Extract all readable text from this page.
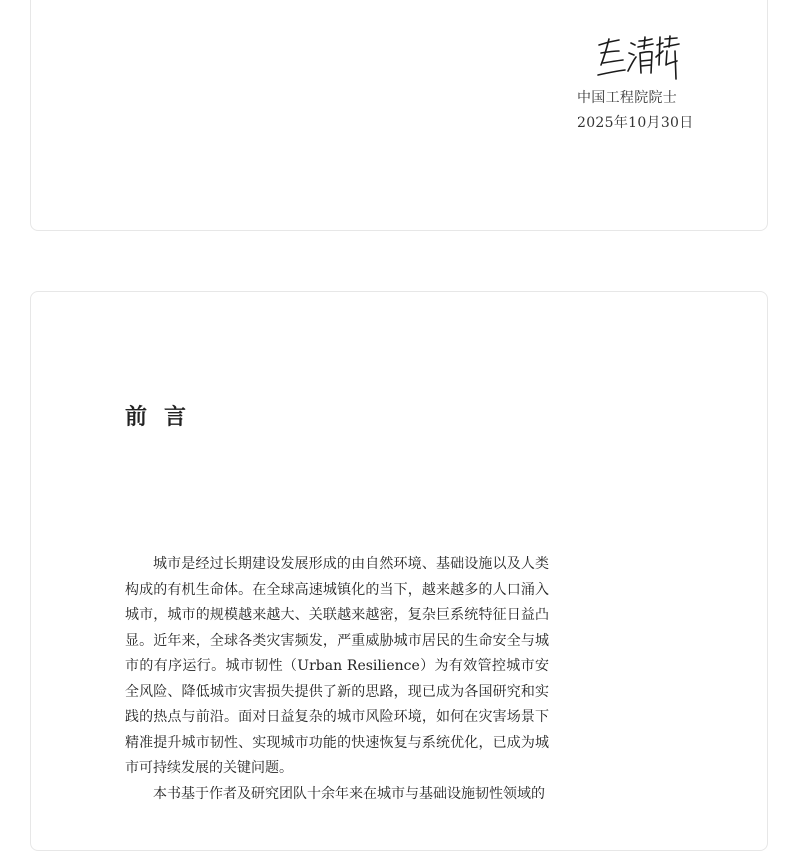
中国工程院院士
2025年10月30日
前言

城市是经过长期建设发展形成的由自然环境、基础设施以及人类构成的有机生命体。在全球高速城镇化的当下，越来越多的人口涌入城市，城市的规模越来越大、关联越来越密，复杂巨系统特征日益凸显。近年来，全球各类灾害频发，严重威胁城市居民的生命安全与城市的有序运行。城市韧性（Urban Resilience）为有效管控城市安全风险、降低城市灾害损失提供了新的思路，现已成为各国研究和实践的热点与前沿。面对日益复杂的城市风险环境，如何在灾害场景下精准提升城市韧性、实现城市功能的快速恢复与系统优化，已成为城市可持续发展的关键问题。

本书基于作者及研究团队十余年来在城市与基础设施韧性领域的
